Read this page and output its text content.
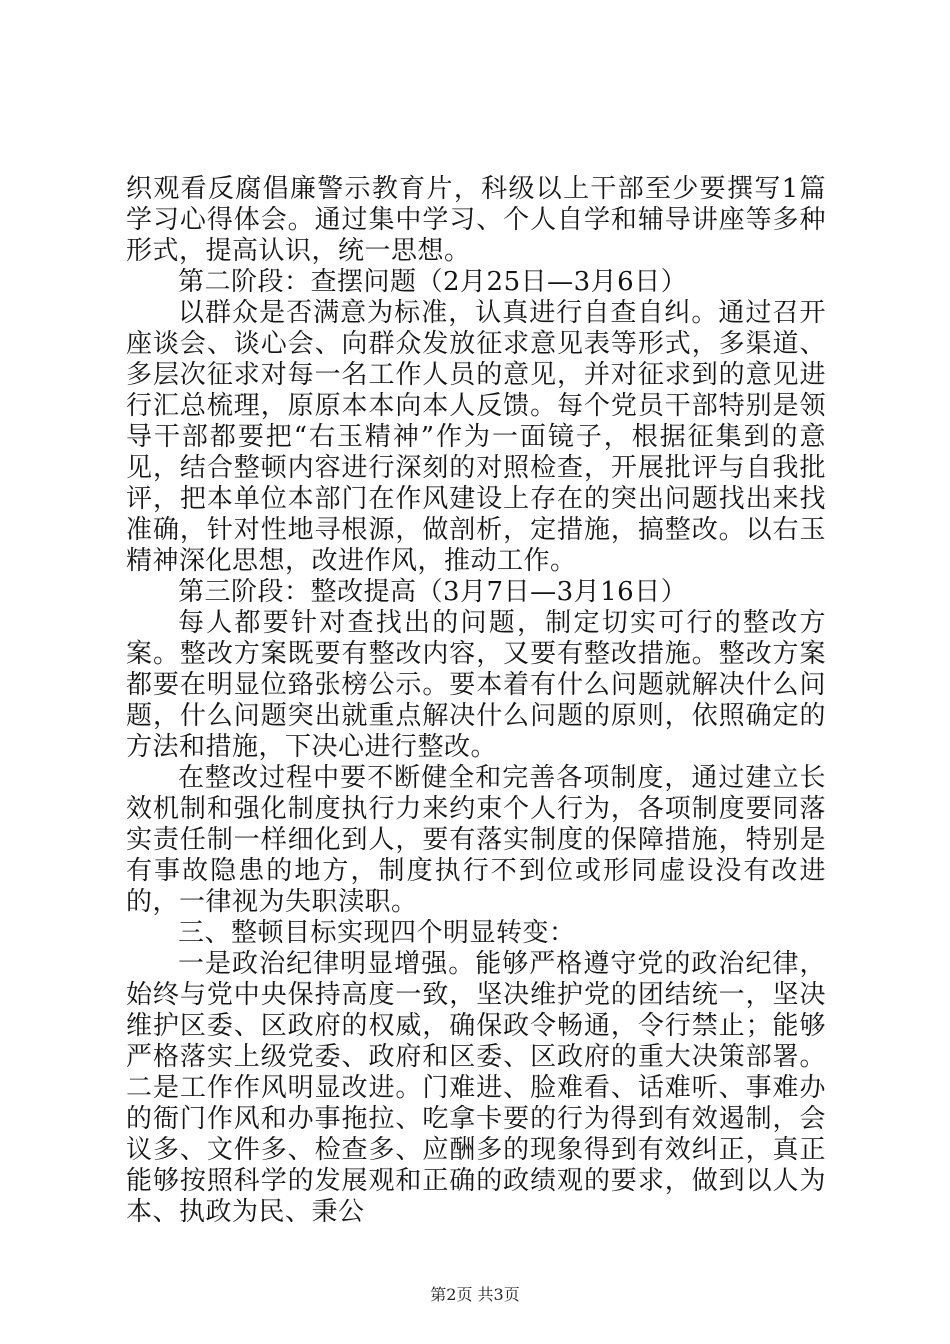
织观看反腐倡廉警示教育片，科级以上干部至少要撰写1篇学习心得体会。通过集中学习、个人自学和辅导讲座等多种形式，提高认识，统一思想。

第二阶段：查摆问题（2月25日—3月6日）

以群众是否满意为标准，认真进行自查自纠。通过召开座谈会、谈心会、向群众发放征求意见表等形式，多渠道、多层次征求对每一名工作人员的意见，并对征求到的意见进行汇总梳理，原原本本向本人反馈。每个党员干部特别是领导干部都要把“右玉精神”作为一面镜子，根据征集到的意见，结合整顿内容进行深刻的对照检查，开展批评与自我批评，把本单位本部门在作风建设上存在的突出问题找出来找准确，针对性地寻根源，做剖析，定措施，搞整改。以右玉精神深化思想，改进作风，推动工作。

第三阶段：整改提高（3月7日—3月16日）

每人都要针对查找出的问题，制定切实可行的整改方案。整改方案既要有整改内容，又要有整改措施。整改方案都要在明显位臵张榜公示。要本着有什么问题就解决什么问题，什么问题突出就重点解决什么问题的原则，依照确定的方法和措施，下决心进行整改。

在整改过程中要不断健全和完善各项制度，通过建立长效机制和强化制度执行力来约束个人行为，各项制度要同落实责任制一样细化到人，要有落实制度的保障措施，特别是有事故隐患的地方，制度执行不到位或形同虚设没有改进的，一律视为失职渎职。

三、整顿目标实现四个明显转变：

一是政治纪律明显增强。能够严格遵守党的政治纪律，始终与党中央保持高度一致，坚决维护党的团结统一，坚决维护区委、区政府的权威，确保政令畅通，令行禁止；能够严格落实上级党委、政府和区委、区政府的重大决策部署。二是工作作风明显改进。门难进、脸难看、话难听、事难办的衙门作风和办事拖拉、吃拿卡要的行为得到有效遏制，会议多、文件多、检查多、应酬多的现象得到有效纠正，真正能够按照科学的发展观和正确的政绩观的要求，做到以人为本、执政为民、秉公

第2页 共3页
